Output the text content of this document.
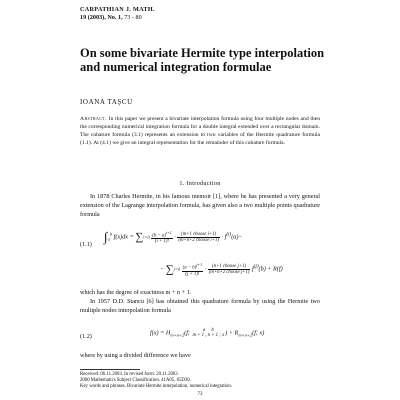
CARPATHIAN J. MATH.
19 (2003), No. 1, 73 - 80
On some bivariate Hermite type interpolation and numerical integration formulae
IOANA TAŞCU
Abstract. In this paper we present a bivariate interpolation formula using four multiple nodes and then the corresponding numerical integration formula for a double integral extended over a rectangular domain. The cubature formula (3.1) represents an extension to two variables of the Hermite quadrature formula (1.1). At (4.1) we give an integral representation for the remainder of this cubature formula.
1. Introduction
In 1878 Charles Hermite, in his famous memoir [1], where he has presented a very general extension of the Lagrange interpolation formula, has given also a two multiple points quadrature formula
(1.1)
$\int_a^b$ $f(x)dx = \sum i=0 \frac{(b - a)^{i+1}}{(i + 1)!} \cdot \frac{\text{(m+1 choose i+1)}}{\text{(m+n+2 choose i+1)}} \cdot f^{(i)}(a)-$
− $\sum j=0 \frac{(a - b)^{j+1}}{(j + 1)!} \cdot \frac{\text{(n+1 choose j+1)}}{\text{(m+n+2 choose j+1)}} f^{(j)}(b) + R(f)$
which has the degree of exactness m + n + 1.
In 1957 D.D. Stancu [6] has obtained this quadrature formula by using the Hermite two multiple nodes interpolation formula
(1.2)
$f(x) = H_{m+n+2}(f$;	a     b
m + 1 , n + 1 ; x ) + $R_{m+n+2}(f$; x)
where by using a divided difference we have
Received: 06.11.2003. In revised form: 20.11.2003
2000 Mathematics Subject Classification. 41A05, 65D30.
Key words and phrases. Bivariate Hermite interpolation, numerical integration.
73
